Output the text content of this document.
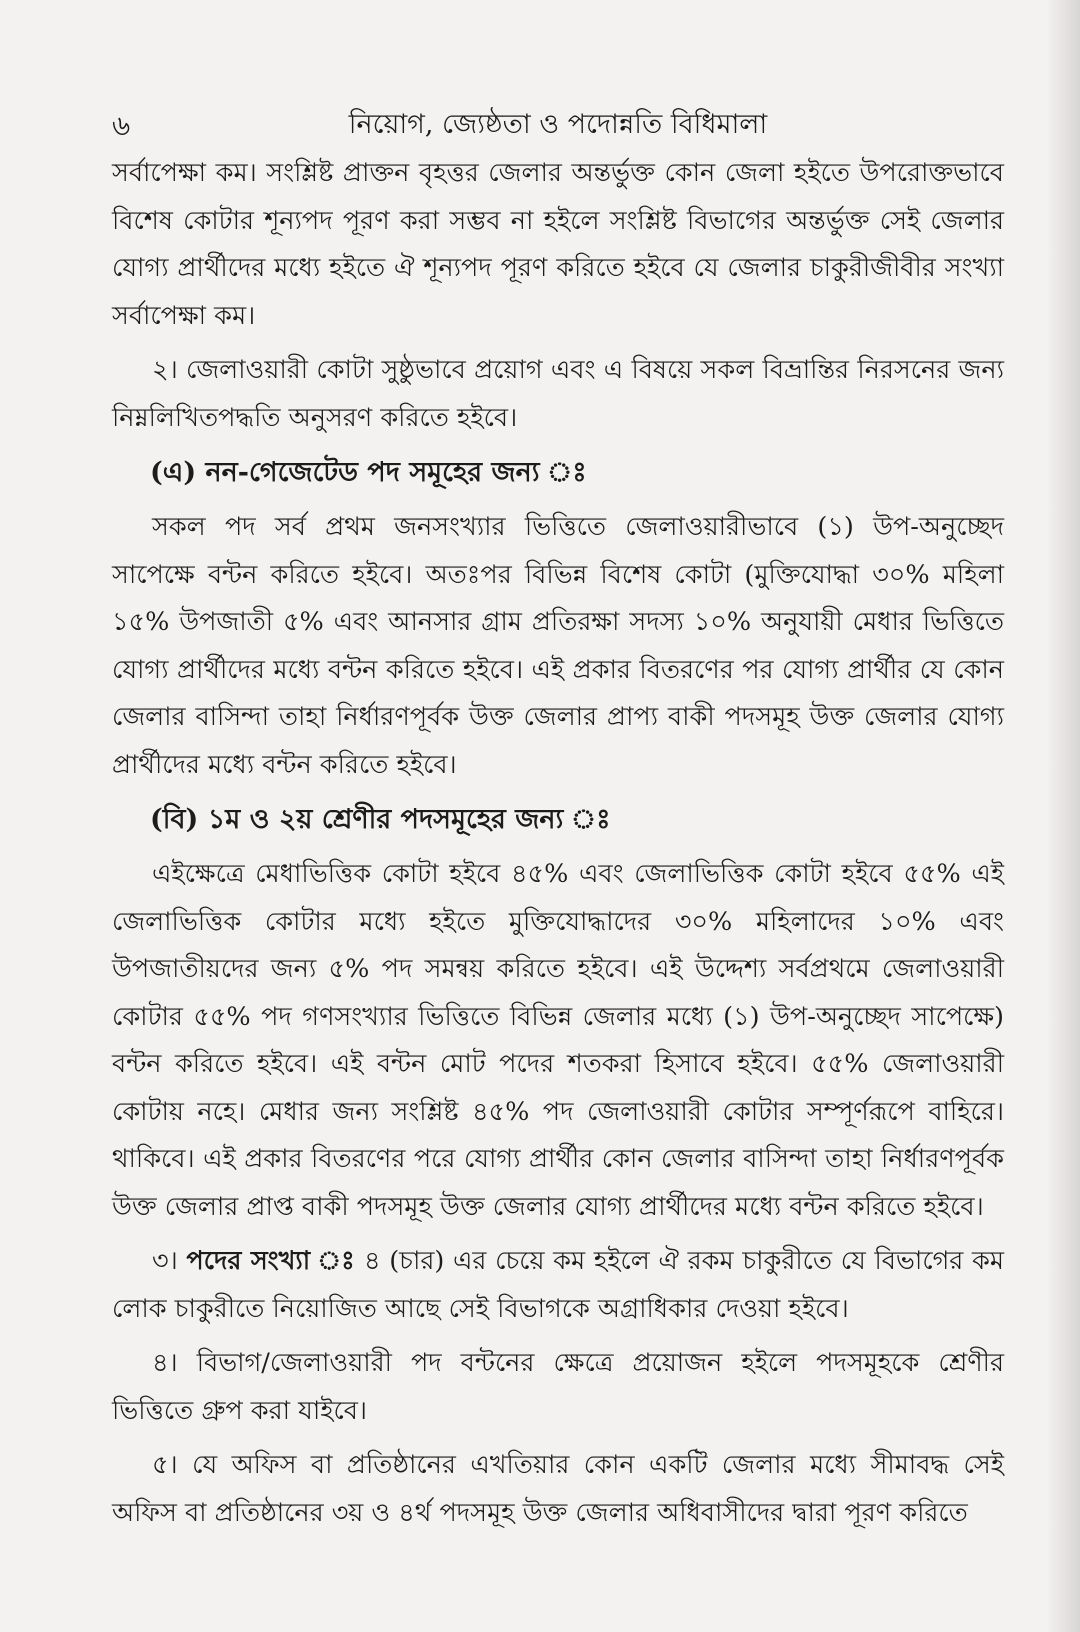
৬	নিয়োগ, জ্যেষ্ঠতা ও পদোন্নতি বিধিমালা

সর্বাপেক্ষা কম। সংশ্লিষ্ট প্রাক্তন বৃহত্তর জেলার অন্তর্ভুক্ত কোন জেলা হইতে উপরোক্তভাবে বিশেষ কোটার শূন্যপদ পূরণ করা সম্ভব না হইলে সংশ্লিষ্ট বিভাগের অন্তর্ভুক্ত সেই জেলার যোগ্য প্রার্থীদের মধ্যে হইতে ঐ শূন্যপদ পূরণ করিতে হইবে যে জেলার চাকুরীজীবীর সংখ্যা সর্বাপেক্ষা কম।

২। জেলাওয়ারী কোটা সুষ্ঠুভাবে প্রয়োগ এবং এ বিষয়ে সকল বিভ্রান্তির নিরসনের জন্য নিম্নলিখিতপদ্ধতি অনুসরণ করিতে হইবে।

(এ) নন-গেজেটেড পদ সমূহের জন্য ঃ

সকল পদ সর্ব প্রথম জনসংখ্যার ভিত্তিতে জেলাওয়ারীভাবে (১) উপ-অনুচ্ছেদ সাপেক্ষে বন্টন করিতে হইবে। অতঃপর বিভিন্ন বিশেষ কোটা (মুক্তিযোদ্ধা ৩০% মহিলা ১৫% উপজাতী ৫% এবং আনসার গ্রাম প্রতিরক্ষা সদস্য ১০% অনুযায়ী মেধার ভিত্তিতে যোগ্য প্রার্থীদের মধ্যে বন্টন করিতে হইবে। এই প্রকার বিতরণের পর যোগ্য প্রার্থীর যে কোন জেলার বাসিন্দা তাহা নির্ধারণপূর্বক উক্ত জেলার প্রাপ্য বাকী পদসমূহ উক্ত জেলার যোগ্য প্রার্থীদের মধ্যে বন্টন করিতে হইবে।

(বি) ১ম ও ২য় শ্রেণীর পদসমূহের জন্য ঃ

এইক্ষেত্রে মেধাভিত্তিক কোটা হইবে ৪৫% এবং জেলাভিত্তিক কোটা হইবে ৫৫% এই জেলাভিত্তিক কোটার মধ্যে হইতে মুক্তিযোদ্ধাদের ৩০% মহিলাদের ১০% এবং উপজাতীয়দের জন্য ৫% পদ সমন্বয় করিতে হইবে। এই উদ্দেশ্য সর্বপ্রথমে জেলাওয়ারী কোটার ৫৫% পদ গণসংখ্যার ভিত্তিতে বিভিন্ন জেলার মধ্যে (১) উপ-অনুচ্ছেদ সাপেক্ষে) বন্টন করিতে হইবে। এই বন্টন মোট পদের শতকরা হিসাবে হইবে। ৫৫% জেলাওয়ারী কোটায় নহে। মেধার জন্য সংশ্লিষ্ট ৪৫% পদ জেলাওয়ারী কোটার সম্পূর্ণরূপে বাহিরে। থাকিবে। এই প্রকার বিতরণের পরে যোগ্য প্রার্থীর কোন জেলার বাসিন্দা তাহা নির্ধারণপূর্বক উক্ত জেলার প্রাপ্ত বাকী পদসমূহ উক্ত জেলার যোগ্য প্রার্থীদের মধ্যে বন্টন করিতে হইবে।

৩। পদের সংখ্যা ঃ ৪ (চার) এর চেয়ে কম হইলে ঐ রকম চাকুরীতে যে বিভাগের কম লোক চাকুরীতে নিয়োজিত আছে সেই বিভাগকে অগ্রাধিকার দেওয়া হইবে।

৪। বিভাগ/জেলাওয়ারী পদ বন্টনের ক্ষেত্রে প্রয়োজন হইলে পদসমূহকে শ্রেণীর ভিত্তিতে গ্রুপ করা যাইবে।

৫। যে অফিস বা প্রতিষ্ঠানের এখতিয়ার কোন একটি জেলার মধ্যে সীমাবদ্ধ সেই অফিস বা প্রতিষ্ঠানের ৩য় ও ৪র্থ পদসমূহ উক্ত জেলার অধিবাসীদের দ্বারা পূরণ করিতে
